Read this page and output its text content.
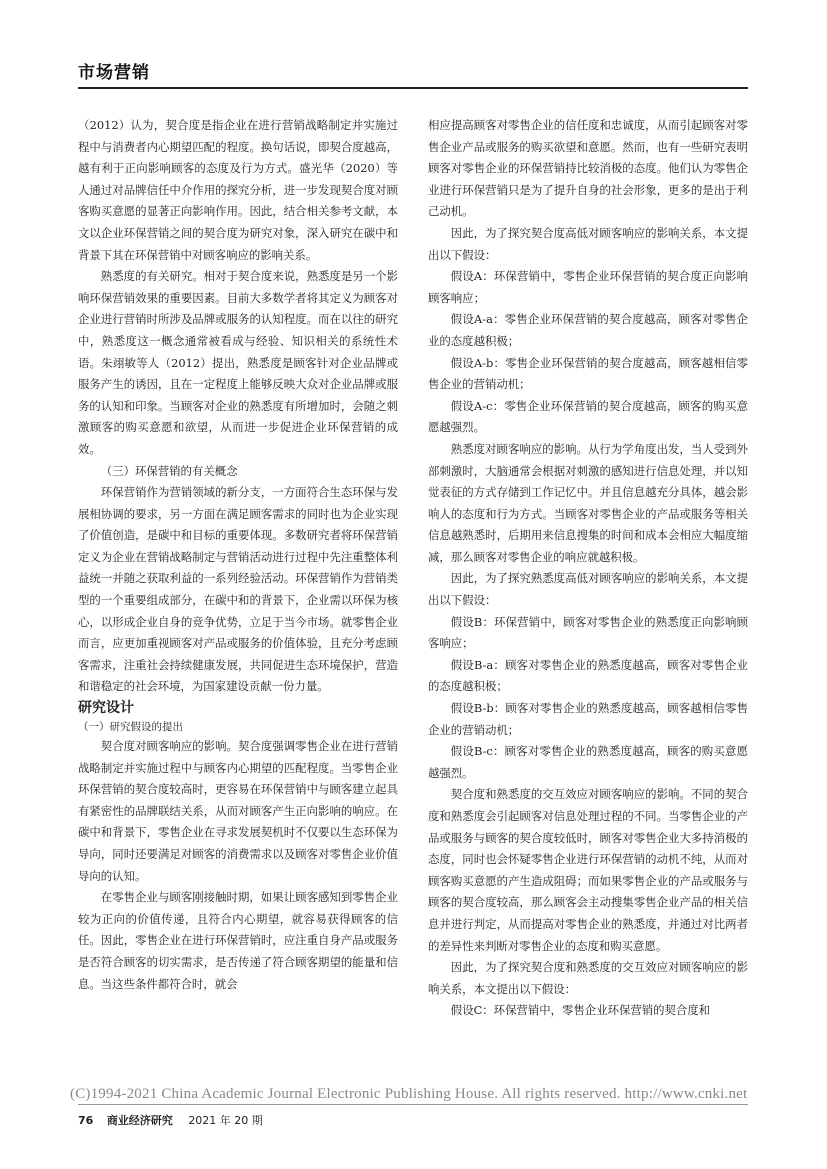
市场营销

（2012）认为，契合度是指企业在进行营销战略制定并实施过程中与消费者内心期望匹配的程度。换句话说，即契合度越高，越有利于正向影响顾客的态度及行为方式。盛光华（2020）等人通过对品牌信任中介作用的探究分析，进一步发现契合度对顾客购买意愿的显著正向影响作用。因此，结合相关参考文献，本文以企业环保营销之间的契合度为研究对象，深入研究在碳中和背景下其在环保营销中对顾客响应的影响关系。

熟悉度的有关研究。相对于契合度来说，熟悉度是另一个影响环保营销效果的重要因素。目前大多数学者将其定义为顾客对企业进行营销时所涉及品牌或服务的认知程度。而在以往的研究中，熟悉度这一概念通常被看成与经验、知识相关的系统性术语。朱翊敏等人（2012）提出，熟悉度是顾客针对企业品牌或服务产生的诱因，且在一定程度上能够反映大众对企业品牌或服务的认知和印象。当顾客对企业的熟悉度有所增加时，会随之刺激顾客的购买意愿和欲望，从而进一步促进企业环保营销的成效。

（三）环保营销的有关概念

环保营销作为营销领域的新分支，一方面符合生态环保与发展相协调的要求，另一方面在满足顾客需求的同时也为企业实现了价值创造，是碳中和目标的重要体现。多数研究者将环保营销定义为企业在营销战略制定与营销活动进行过程中先注重整体利益统一并随之获取利益的一系列经验活动。环保营销作为营销类型的一个重要组成部分，在碳中和的背景下，企业需以环保为核心，以形成企业自身的竞争优势，立足于当今市场。就零售企业而言，应更加重视顾客对产品或服务的价值体验，且充分考虑顾客需求，注重社会持续健康发展，共同促进生态环境保护，营造和谐稳定的社会环境，为国家建设贡献一份力量。

研究设计

（一）研究假设的提出

契合度对顾客响应的影响。契合度强调零售企业在进行营销战略制定并实施过程中与顾客内心期望的匹配程度。当零售企业环保营销的契合度较高时，更容易在环保营销中与顾客建立起具有紧密性的品牌联结关系，从而对顾客产生正向影响的响应。在碳中和背景下，零售企业在寻求发展契机时不仅要以生态环保为导向，同时还要满足对顾客的消费需求以及顾客对零售企业价值导向的认知。

在零售企业与顾客刚接触时期，如果让顾客感知到零售企业较为正向的价值传递，且符合内心期望，就容易获得顾客的信任。因此，零售企业在进行环保营销时，应注重自身产品或服务是否符合顾客的切实需求，是否传递了符合顾客期望的能量和信息。当这些条件都符合时，就会

相应提高顾客对零售企业的信任度和忠诚度，从而引起顾客对零售企业产品或服务的购买欲望和意愿。然而，也有一些研究表明顾客对零售企业的环保营销持比较消极的态度。他们认为零售企业进行环保营销只是为了提升自身的社会形象，更多的是出于利己动机。

因此，为了探究契合度高低对顾客响应的影响关系，本文提出以下假设：

假设A：环保营销中，零售企业环保营销的契合度正向影响顾客响应；

假设A-a：零售企业环保营销的契合度越高，顾客对零售企业的态度越积极；

假设A-b：零售企业环保营销的契合度越高，顾客越相信零售企业的营销动机；

假设A-c：零售企业环保营销的契合度越高，顾客的购买意愿越强烈。

熟悉度对顾客响应的影响。从行为学角度出发，当人受到外部刺激时，大脑通常会根据对刺激的感知进行信息处理，并以知觉表征的方式存储到工作记忆中。并且信息越充分具体，越会影响人的态度和行为方式。当顾客对零售企业的产品或服务等相关信息越熟悉时，后期用来信息搜集的时间和成本会相应大幅度缩减，那么顾客对零售企业的响应就越积极。

因此，为了探究熟悉度高低对顾客响应的影响关系，本文提出以下假设：

假设B：环保营销中，顾客对零售企业的熟悉度正向影响顾客响应；

假设B-a：顾客对零售企业的熟悉度越高，顾客对零售企业的态度越积极；

假设B-b：顾客对零售企业的熟悉度越高，顾客越相信零售企业的营销动机；

假设B-c：顾客对零售企业的熟悉度越高，顾客的购买意愿越强烈。

契合度和熟悉度的交互效应对顾客响应的影响。不同的契合度和熟悉度会引起顾客对信息处理过程的不同。当零售企业的产品或服务与顾客的契合度较低时，顾客对零售企业大多持消极的态度，同时也会怀疑零售企业进行环保营销的动机不纯，从而对顾客购买意愿的产生造成阻碍；而如果零售企业的产品或服务与顾客的契合度较高，那么顾客会主动搜集零售企业产品的相关信息并进行判定，从而提高对零售企业的熟悉度，并通过对比两者的差异性来判断对零售企业的态度和购买意愿。

因此，为了探究契合度和熟悉度的交互效应对顾客响应的影响关系，本文提出以下假设：

假设C：环保营销中，零售企业环保营销的契合度和

(C)1994-2021 China Academic Journal Electronic Publishing House. All rights reserved. http://www.cnki.net
76 商业经济研究 2021 年 20 期
